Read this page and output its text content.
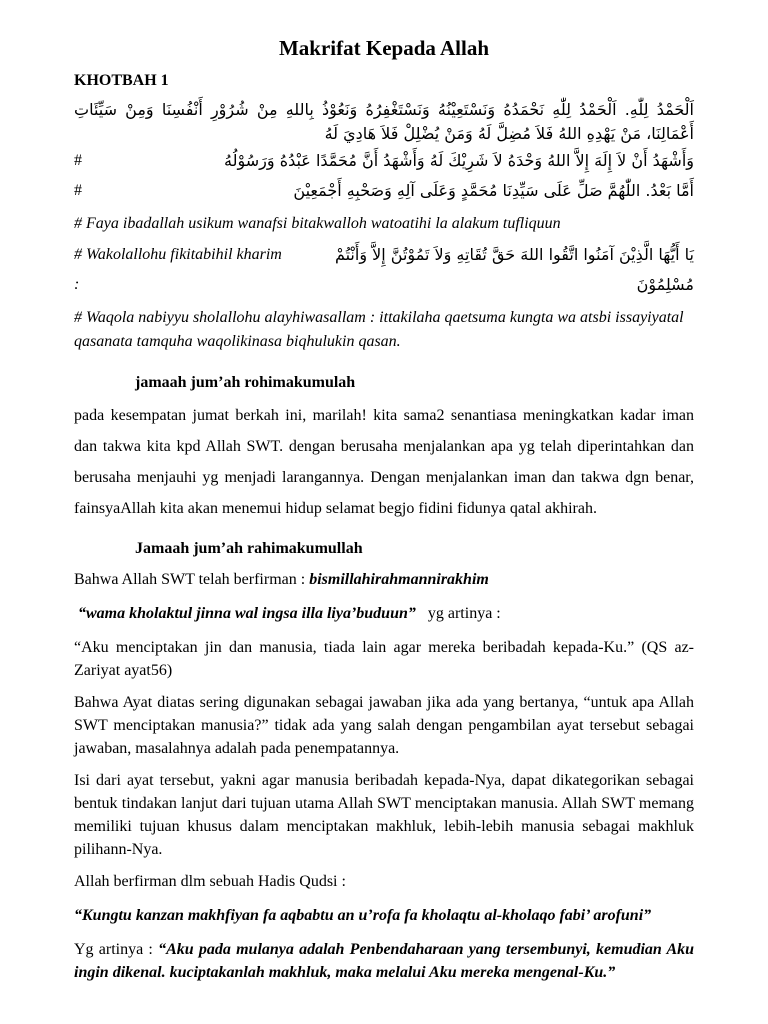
Makrifat Kepada Allah
KHOTBAH 1
اَلْحَمْدُ لِلّٰهِ. اَلْحَمْدُ لِلّٰهِ نَحْمَدُهُ وَنَسْتَعِيْنُهُ وَنَسْتَغْفِرُهُ وَنَعُوْذُ بِاللهِ مِنْ شُرُوْرِ أَنْفُسِنَا وَمِنْ سَيِّئَاتِ أَعْمَالِنَا، مَنْ يَهْدِهِ اللهُ فَلاَ مُضِلَّ لَهُ وَمَنْ يُضْلِلْ فَلاَ هَادِيَ لَهُ
#	وَأَشْهَدُ أَنْ لاَ إِلَهَ إِلاَّ اللهُ وَحْدَهُ لاَ شَرِيْكَ لَهُ وَأَشْهَدُ أَنَّ مُحَمَّدًا عَبْدُهُ وَرَسُوْلُهُ
#	أَمَّا بَعْدُ. اللّٰهُمَّ صَلِّ عَلَى سَيِّدِنَا مُحَمَّدٍ وَعَلَى آلِهِ وَصَحْبِهِ أَجْمَعِيْنَ
# Faya ibadallah usikum wanafsi bitakwalloh watoatihi la alakum tufliquun
# Wakolallohu fikitabihil kharim :
يَا أَيُّهَا الَّذِيْنَ آمَنُوا اتَّقُوا اللهَ حَقَّ تُقَاتِهِ وَلاَ تَمُوْتُنَّ إِلاَّ وَأَنْتُمْ مُسْلِمُوْنَ
# Waqola nabiyyu sholallohu alayhiwasallam : ittakilaha qaetsuma kungta wa atsbi issayiyatal qasanata tamquha waqolikinasa biqhulukin qasan.
jamaah jum’ah rohimakumulah
pada kesempatan jumat berkah ini, marilah! kita sama2 senantiasa meningkatkan kadar iman dan takwa kita kpd Allah SWT. dengan berusaha menjalankan apa yg telah diperintahkan dan berusaha menjauhi yg menjadi larangannya. Dengan menjalankan iman dan takwa dgn benar, fainsyaAllah kita akan menemui hidup selamat begjo fidini fidunya qatal akhirah.
Jamaah jum’ah rahimakumullah
Bahwa Allah SWT telah berfirman : bismillahirahmannirakhim
“wama kholaktul jinna wal ingsa illa liya’buduun”   yg artinya :
“Aku menciptakan jin dan manusia, tiada lain agar mereka beribadah kepada-Ku.” (QS az-Zariyat ayat56)
Bahwa Ayat diatas sering digunakan sebagai jawaban jika ada yang bertanya, “untuk apa Allah SWT menciptakan manusia?” tidak ada yang salah dengan pengambilan ayat tersebut sebagai jawaban, masalahnya adalah pada penempatannya.
Isi dari ayat tersebut, yakni agar manusia beribadah kepada-Nya, dapat dikategorikan sebagai bentuk tindakan lanjut dari tujuan utama Allah SWT menciptakan manusia. Allah SWT memang memiliki tujuan khusus dalam menciptakan makhluk, lebih-lebih manusia sebagai makhluk pilihann-Nya.
Allah berfirman dlm sebuah Hadis Qudsi :
“Kungtu kanzan makhfiyan fa aqbabtu an u’rofa fa kholaqtu al-kholaqo fabi’ arofuni”
Yg artinya : “Aku pada mulanya adalah Penbendaharaan yang tersembunyi, kemudian Aku ingin dikenal. kuciptakanlah makhluk, maka melalui Aku mereka mengenal-Ku.”
